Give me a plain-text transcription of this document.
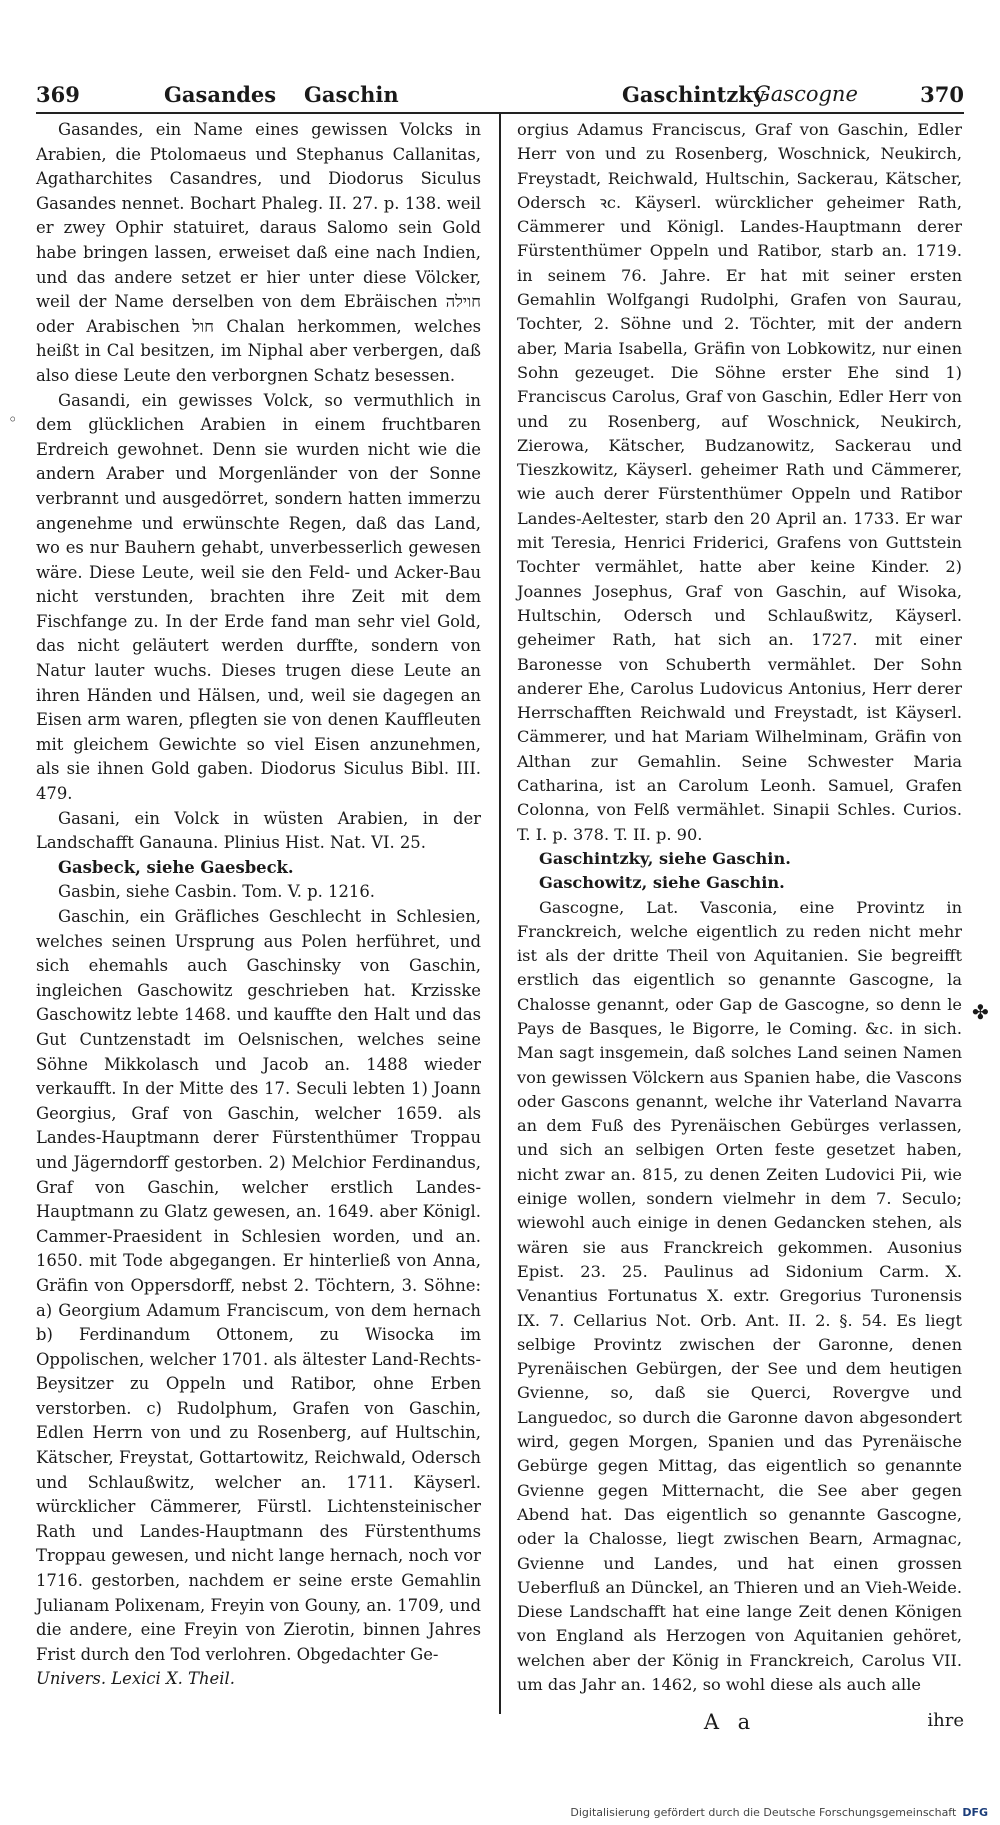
369	Gasandes Gaschin	Gaschintzky
Gascogne	370

Gasandes, ein Name eines gewissen Volcks in Arabien, die Ptolomaeus und Stephanus Callanitas, Agatharchites Casandres, und Diodorus Siculus Gasandes nennet. Bochart Phaleg. II. 27. p. 138. weil er zwey Ophir statuiret, daraus Salomo sein Gold habe bringen lassen, erweiset daß eine nach Indien, und das andere setzet er hier unter diese Völcker, weil der Name derselben von dem Ebräischen חוילה oder Arabischen חול Chalan herkommen, welches heißt in Cal besitzen, im Niphal aber verbergen, daß also diese Leute den verborgnen Schatz besessen.

Gasandi, ein gewisses Volck, so vermuthlich in dem glücklichen Arabien in einem fruchtbaren Erdreich gewohnet. Denn sie wurden nicht wie die andern Araber und Morgenländer von der Sonne verbrannt und ausgedörret, sondern hatten immerzu angenehme und erwünschte Regen, daß das Land, wo es nur Bauhern gehabt, unverbesserlich gewesen wäre. Diese Leute, weil sie den Feld- und Acker-Bau nicht verstunden, brachten ihre Zeit mit dem Fischfange zu. In der Erde fand man sehr viel Gold, das nicht geläutert werden durffte, sondern von Natur lauter wuchs. Dieses trugen diese Leute an ihren Händen und Hälsen, und, weil sie dagegen an Eisen arm waren, pflegten sie von denen Kauffleuten mit gleichem Gewichte so viel Eisen anzunehmen, als sie ihnen Gold gaben. Diodorus Siculus Bibl. III. 479.

Gasani, ein Volck in wüsten Arabien, in der Landschafft Ganauna. Plinius Hist. Nat. VI. 25.

Gasbeck, siehe Gaesbeck.

Gasbin, siehe Casbin. Tom. V. p. 1216.

Gaschin, ein Gräfliches Geschlecht in Schlesien, welches seinen Ursprung aus Polen herführet, und sich ehemahls auch Gaschinsky von Gaschin, ingleichen Gaschowitz geschrieben hat. Krzisske Gaschowitz lebte 1468. und kauffte den Halt und das Gut Cuntzenstadt im Oelsnischen, welches seine Söhne Mikkolasch und Jacob an. 1488 wieder verkaufft. In der Mitte des 17. Seculi lebten 1) Joann Georgius, Graf von Gaschin, welcher 1659. als Landes-Hauptmann derer Fürstenthümer Troppau und Jägerndorff gestorben. 2) Melchior Ferdinandus, Graf von Gaschin, welcher erstlich Landes-Hauptmann zu Glatz gewesen, an. 1649. aber Königl. Cammer-Praesident in Schlesien worden, und an. 1650. mit Tode abgegangen. Er hinterließ von Anna, Gräfin von Oppersdorff, nebst 2. Töchtern, 3. Söhne: a) Georgium Adamum Franciscum, von dem hernach b) Ferdinandum Ottonem, zu Wisocka im Oppolischen, welcher 1701. als ältester Land-Rechts-Beysitzer zu Oppeln und Ratibor, ohne Erben verstorben. c) Rudolphum, Grafen von Gaschin, Edlen Herrn von und zu Rosenberg, auf Hultschin, Kätscher, Freystat, Gottartowitz, Reichwald, Odersch und Schlaußwitz, welcher an. 1711. Käyserl. würcklicher Cämmerer, Fürstl. Lichtensteinischer Rath und Landes-Hauptmann des Fürstenthums Troppau gewesen, und nicht lange hernach, noch vor 1716. gestorben, nachdem er seine erste Gemahlin Julianam Polixenam, Freyin von Gouny, an. 1709, und die andere, eine Freyin von Zierotin, binnen Jahres Frist durch den Tod verlohren. Obgedachter Ge-

Univers. Lexici X. Theil.

orgius Adamus Franciscus, Graf von Gaschin, Edler Herr von und zu Rosenberg, Woschnick, Neukirch, Freystadt, Reichwald, Hultschin, Sackerau, Kätscher, Odersch ꝛc. Käyserl. würcklicher geheimer Rath, Cämmerer und Königl. Landes-Hauptmann derer Fürstenthümer Oppeln und Ratibor, starb an. 1719. in seinem 76. Jahre. Er hat mit seiner ersten Gemahlin Wolfgangi Rudolphi, Grafen von Saurau, Tochter, 2. Söhne und 2. Töchter, mit der andern aber, Maria Isabella, Gräfin von Lobkowitz, nur einen Sohn gezeuget. Die Söhne erster Ehe sind 1) Franciscus Carolus, Graf von Gaschin, Edler Herr von und zu Rosenberg, auf Woschnick, Neukirch, Zierowa, Kätscher, Budzanowitz, Sackerau und Tieszkowitz, Käyserl. geheimer Rath und Cämmerer, wie auch derer Fürstenthümer Oppeln und Ratibor Landes-Aeltester, starb den 20 April an. 1733. Er war mit Teresia, Henrici Friderici, Grafens von Guttstein Tochter vermählet, hatte aber keine Kinder. 2) Joannes Josephus, Graf von Gaschin, auf Wisoka, Hultschin, Odersch und Schlaußwitz, Käyserl. geheimer Rath, hat sich an. 1727. mit einer Baronesse von Schuberth vermählet. Der Sohn anderer Ehe, Carolus Ludovicus Antonius, Herr derer Herrschafften Reichwald und Freystadt, ist Käyserl. Cämmerer, und hat Mariam Wilhelminam, Gräfin von Althan zur Gemahlin. Seine Schwester Maria Catharina, ist an Carolum Leonh. Samuel, Grafen Colonna, von Felß vermählet. Sinapii Schles. Curios. T. I. p. 378. T. II. p. 90.

Gaschintzky, siehe Gaschin.

Gaschowitz, siehe Gaschin.

Gascogne, Lat. Vasconia, eine Provintz in Franckreich, welche eigentlich zu reden nicht mehr ist als der dritte Theil von Aquitanien. Sie begreifft erstlich das eigentlich so genannte Gascogne, la Chalosse genannt, oder Gap de Gascogne, so denn le Pays de Basques, le Bigorre, le Coming. &c. in sich. Man sagt insgemein, daß solches Land seinen Namen von gewissen Völckern aus Spanien habe, die Vascons oder Gascons genannt, welche ihr Vaterland Navarra an dem Fuß des Pyrenäischen Gebürges verlassen, und sich an selbigen Orten feste gesetzet haben, nicht zwar an. 815, zu denen Zeiten Ludovici Pii, wie einige wollen, sondern vielmehr in dem 7. Seculo; wiewohl auch einige in denen Gedancken stehen, als wären sie aus Franckreich gekommen. Ausonius Epist. 23. 25. Paulinus ad Sidonium Carm. X. Venantius Fortunatus X. extr. Gregorius Turonensis IX. 7. Cellarius Not. Orb. Ant. II. 2. §. 54. Es liegt selbige Provintz zwischen der Garonne, denen Pyrenäischen Gebürgen, der See und dem heutigen Gvienne, so, daß sie Querci, Rovergve und Languedoc, so durch die Garonne davon abgesondert wird, gegen Morgen, Spanien und das Pyrenäische Gebürge gegen Mittag, das eigentlich so genannte Gvienne gegen Mitternacht, die See aber gegen Abend hat. Das eigentlich so genannte Gascogne, oder la Chalosse, liegt zwischen Bearn, Armagnac, Gvienne und Landes, und hat einen grossen Ueberfluß an Dünckel, an Thieren und an Vieh-Weide. Diese Landschafft hat eine lange Zeit denen Königen von England als Herzogen von Aquitanien gehöret, welchen aber der König in Franckreich, Carolus VII. um das Jahr an. 1462, so wohl diese als auch alle

A a	ihre
◦
✤
Digitalisierung gefördert durch die Deutsche Forschungsgemeinschaft DFG
